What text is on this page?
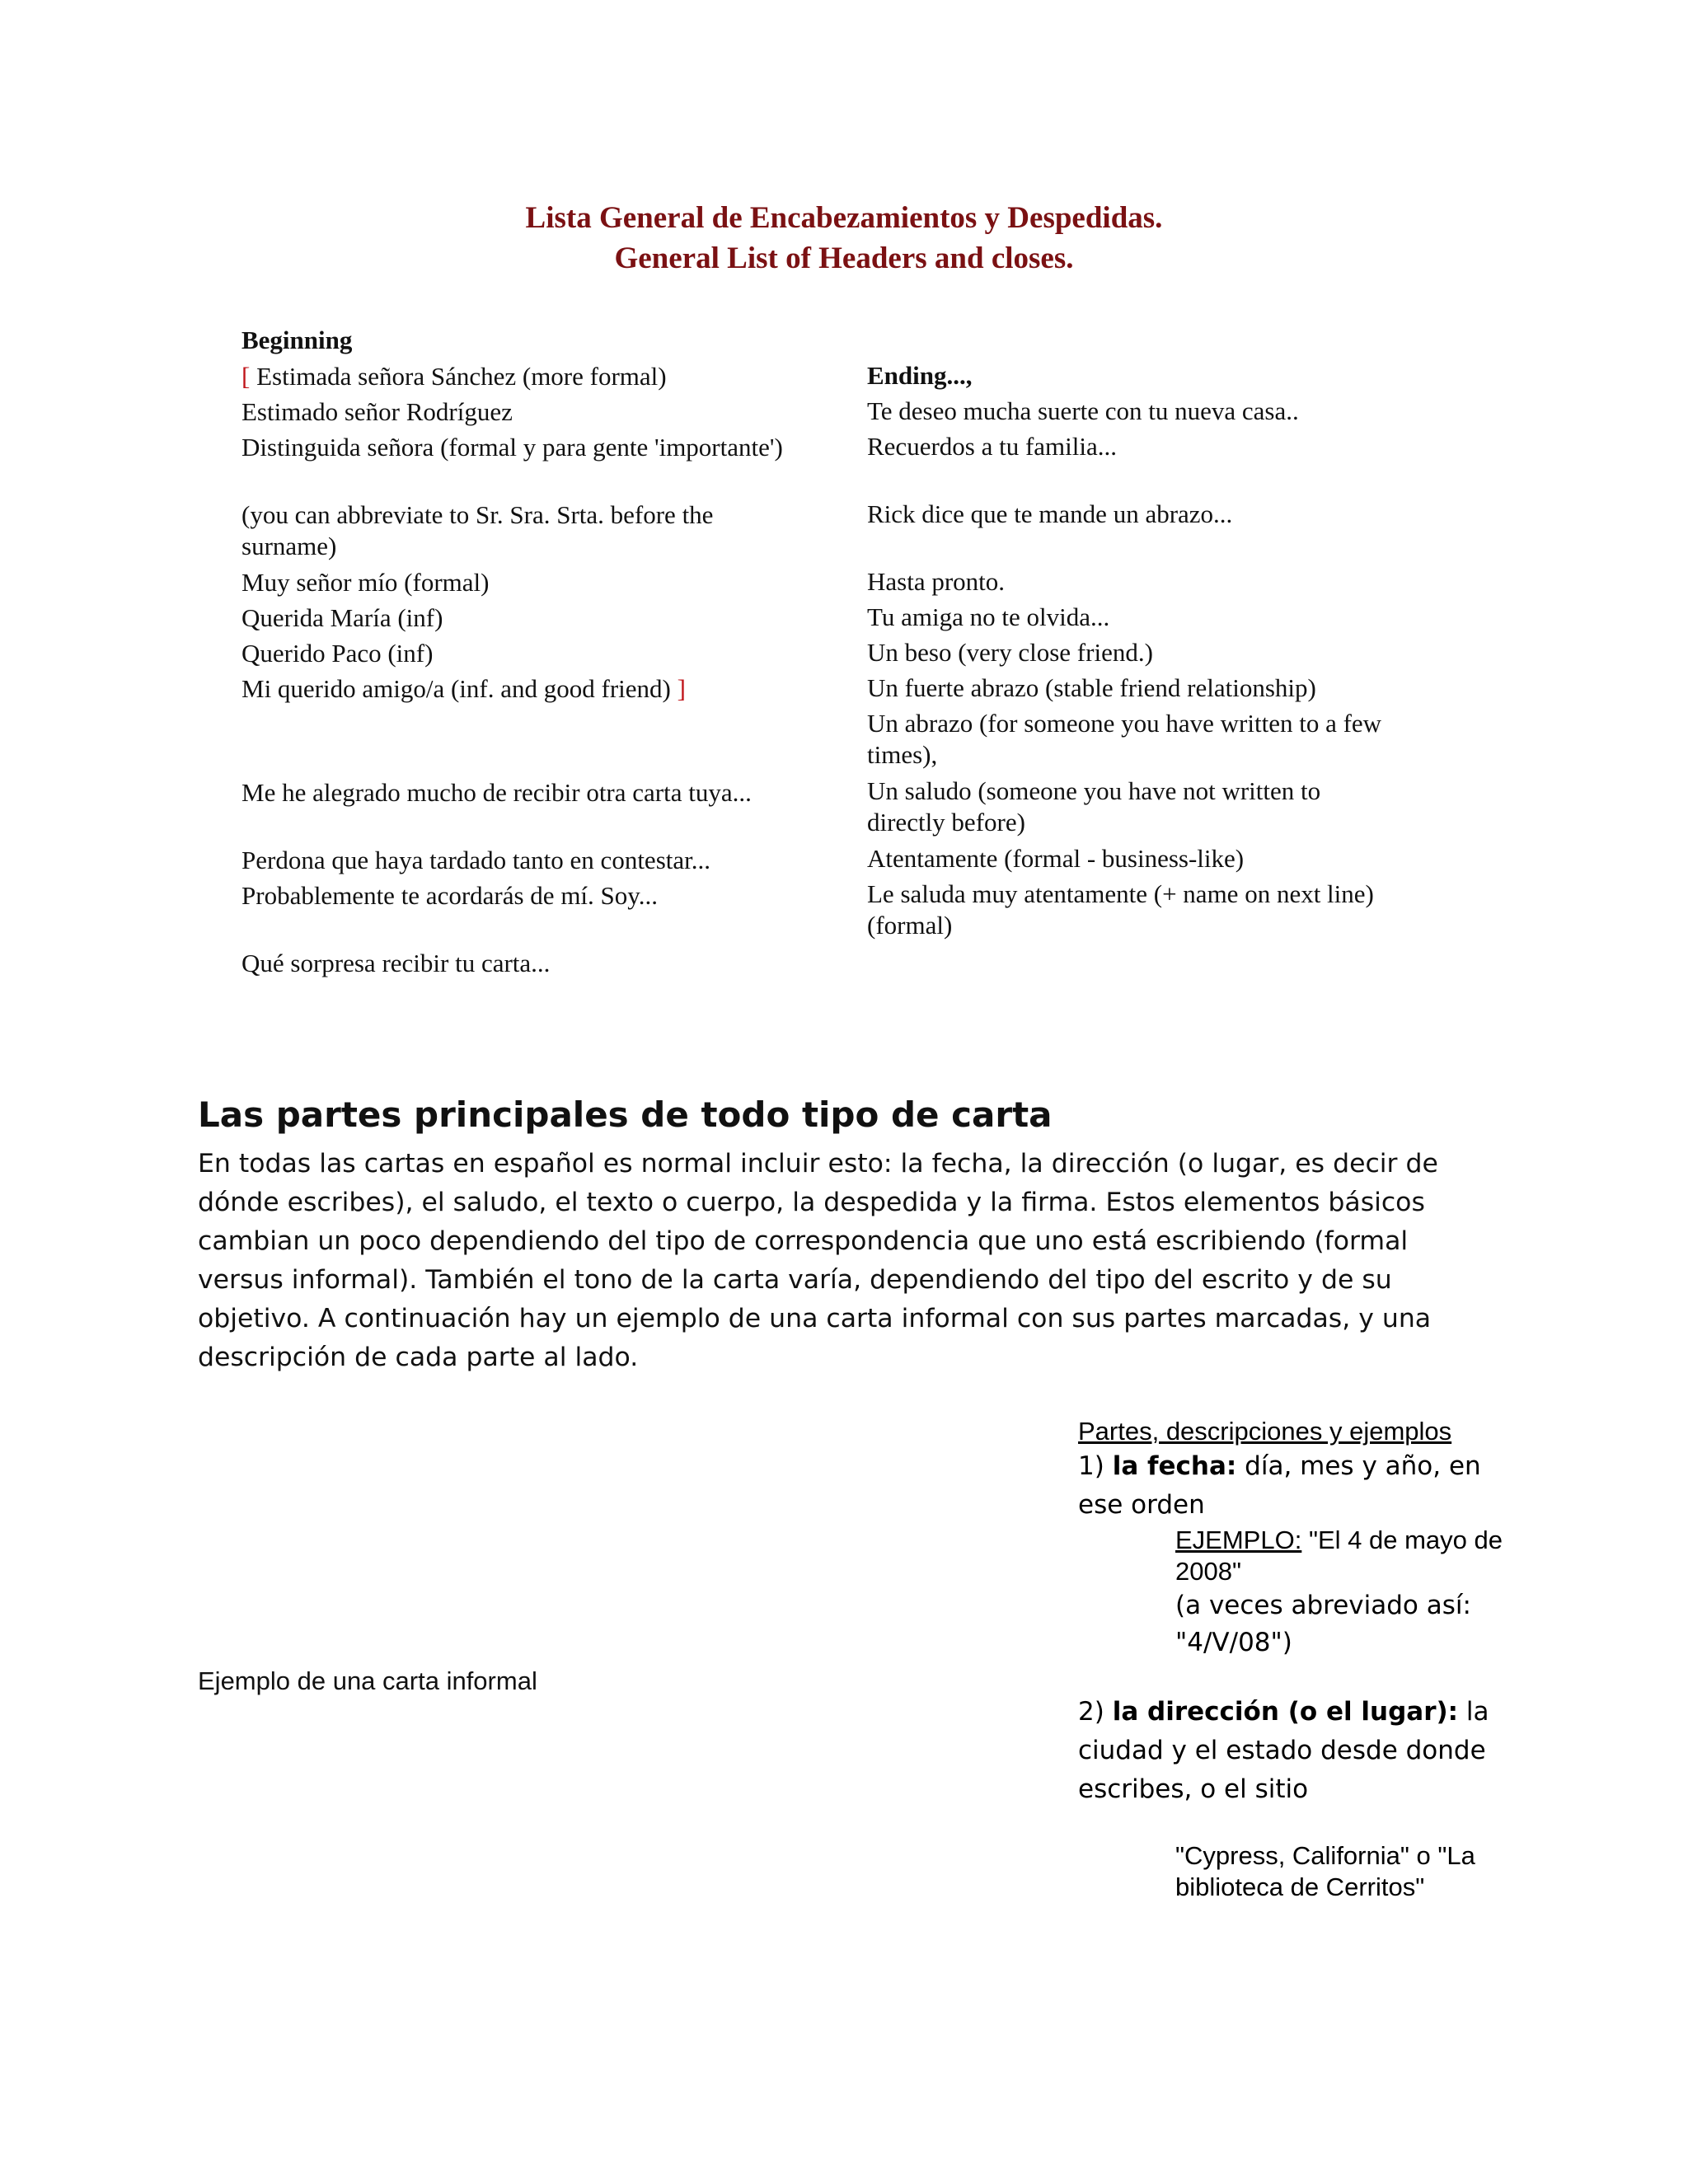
Lista General de Encabezamientos y Despedidas.
General List of Headers and closes.

Beginning

[ Estimada señora Sánchez (more formal)

Estimado señor Rodríguez

Distinguida señora (formal y para gente 'importante')

(you can abbreviate to Sr. Sra. Srta. before the surname)

Muy señor mío (formal)

Querida María (inf)

Querido Paco (inf)

Mi querido amigo/a (inf. and good friend) ]

Me he alegrado mucho de recibir otra carta tuya...

Perdona que haya tardado tanto en contestar...

Probablemente te acordarás de mí. Soy...

Qué sorpresa recibir tu carta...

Ending...,

Te deseo mucha suerte con tu nueva casa..

Recuerdos a tu familia...

Rick dice que te mande un abrazo...

Hasta pronto.

Tu amiga no te olvida...

Un beso (very close friend.)

Un fuerte abrazo (stable friend relationship)

Un abrazo (for someone you have written to a few times),

Un saludo (someone you have not written to directly before)

Atentamente (formal - business-like)

Le saluda muy atentamente (+ name on next line) (formal)

Las partes principales de todo tipo de carta
En todas las cartas en español es normal incluir esto: la fecha, la dirección (o lugar, es decir de dónde escribes), el saludo, el texto o cuerpo, la despedida y la firma. Estos elementos básicos cambian un poco dependiendo del tipo de correspondencia que uno está escribiendo (formal versus informal). También el tono de la carta varía, dependiendo del tipo del escrito y de su objetivo. A continuación hay un ejemplo de una carta informal con sus partes marcadas, y una descripción de cada parte al lado.
Ejemplo de una carta informal
Partes, descripciones y ejemplos
1) la fecha: día, mes y año, en ese orden
EJEMPLO: "El 4 de mayo de 2008"
(a veces abreviado así: "4/V/08")
2) la dirección (o el lugar): la ciudad y el estado desde donde escribes, o el sitio
"Cypress, California" o "La biblioteca de Cerritos"
